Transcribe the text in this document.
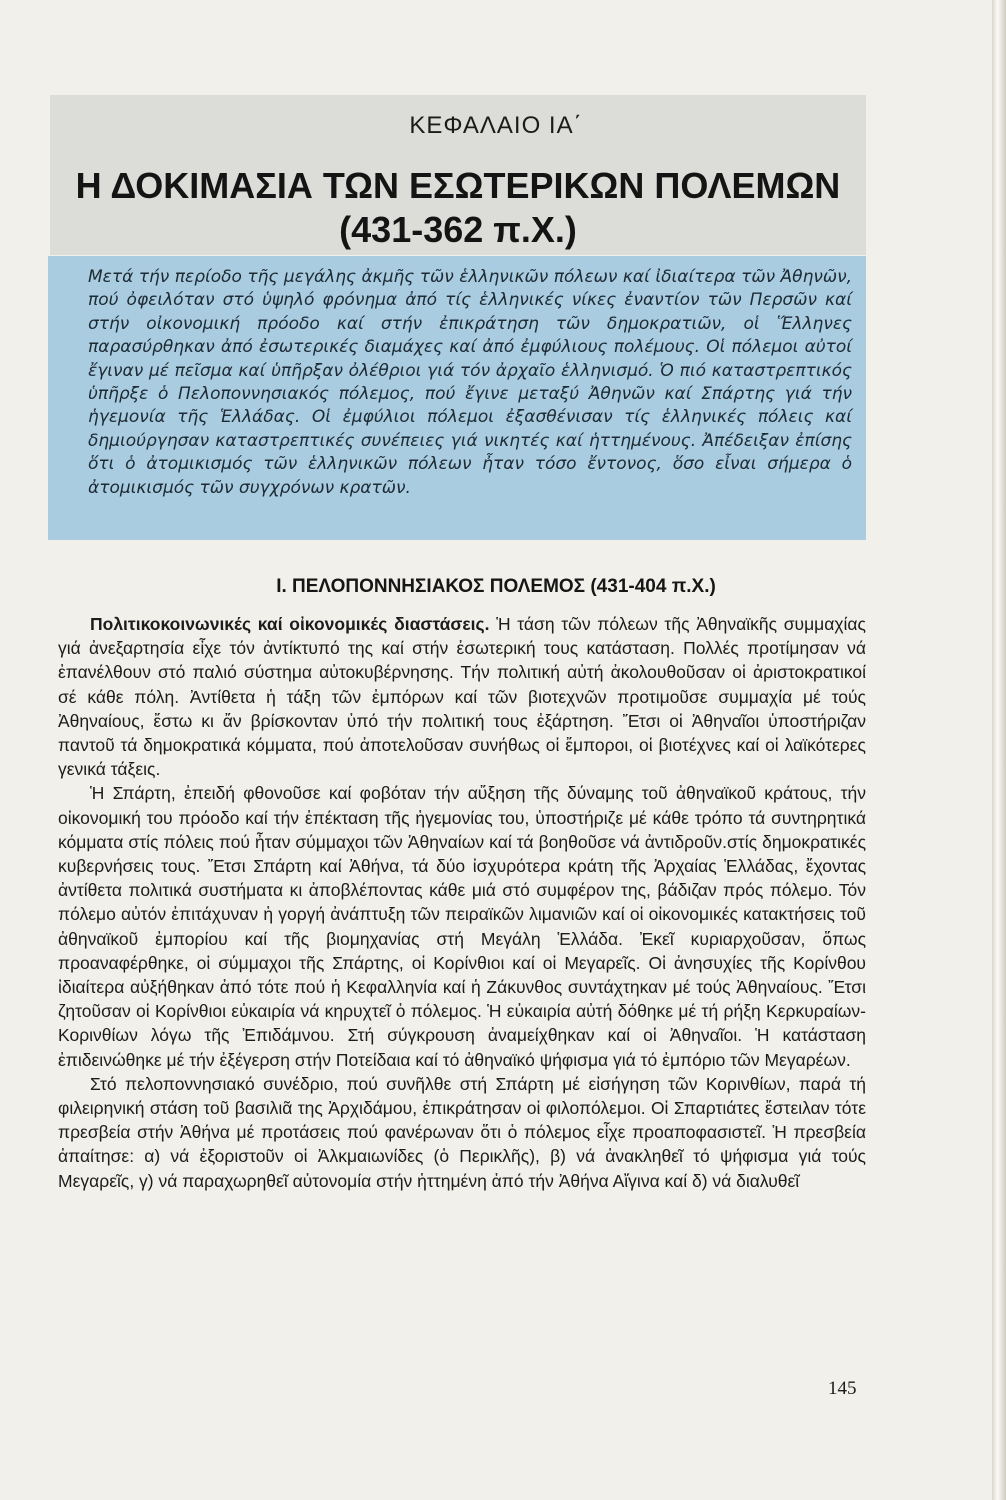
ΚΕΦΑΛΑΙΟ ΙΑ΄
Η ΔΟΚΙΜΑΣΙΑ ΤΩΝ ΕΣΩΤΕΡΙΚΩΝ ΠΟΛΕΜΩΝ
(431-362 π.Χ.)

Μετά τήν περίοδο τῆς μεγάλης ἀκμῆς τῶν ἑλληνικῶν πόλεων καί ἰδιαίτερα τῶν Ἀθηνῶν, πού ὀφειλόταν στό ὑψηλό φρόνημα ἀπό τίς ἑλληνικές νίκες ἐναντίον τῶν Περσῶν καί στήν οἰκονομική πρόοδο καί στήν ἐπικράτηση τῶν δημοκρατιῶν, οἱ Ἕλληνες παρασύρθηκαν ἀπό ἐσωτερικές διαμάχες καί ἀπό ἐμφύλιους πολέμους. Οἱ πόλεμοι αὐτοί ἔγιναν μέ πεῖσμα καί ὑπῆρξαν ὀλέθριοι γιά τόν ἀρχαῖο ἑλληνισμό. Ὁ πιό καταστρεπτικός ὑπῆρξε ὁ Πελοποννησιακός πόλεμος, πού ἔγινε μεταξύ Ἀθηνῶν καί Σπάρτης γιά τήν ἡγεμονία τῆς Ἑλλάδας. Οἱ ἐμφύλιοι πόλεμοι ἐξασθένισαν τίς ἑλληνικές πόλεις καί δημιούργησαν καταστρεπτικές συνέπειες γιά νικητές καί ἡττημένους. Ἀπέδειξαν ἐπίσης ὅτι ὁ ἀτομικισμός τῶν ἑλληνικῶν πόλεων ἦταν τόσο ἔντονος, ὅσο εἶναι σήμερα ὁ ἀτομικισμός τῶν συγχρόνων κρατῶν.

Ι. ΠΕΛΟΠΟΝΝΗΣΙΑΚΟΣ ΠΟΛΕΜΟΣ (431-404 π.Χ.)

Πολιτικοκοινωνικές καί οἰκονομικές διαστάσεις. Ἡ τάση τῶν πόλεων τῆς Ἀθηναϊκῆς συμμαχίας γιά ἀνεξαρτησία εἶχε τόν ἀντίκτυπό της καί στήν ἐσωτερική τους κατάσταση. Πολλές προτίμησαν νά ἐπανέλθουν στό παλιό σύστημα αὐτοκυβέρνησης. Τήν πολιτική αὐτή ἀκολουθοῦσαν οἱ ἀριστοκρατικοί σέ κάθε πόλη. Ἀντίθετα ἡ τάξη τῶν ἐμπόρων καί τῶν βιοτεχνῶν προτιμοῦσε συμμαχία μέ τούς Ἀθηναίους, ἔστω κι ἄν βρίσκονταν ὑπό τήν πολιτική τους ἐξάρτηση. Ἔτσι οἱ Ἀθηναῖοι ὑποστήριζαν παντοῦ τά δημοκρατικά κόμματα, πού ἀποτελοῦσαν συνήθως οἱ ἔμποροι, οἱ βιοτέχνες καί οἱ λαϊκότερες γενικά τάξεις.

Ἡ Σπάρτη, ἐπειδή φθονοῦσε καί φοβόταν τήν αὔξηση τῆς δύναμης τοῦ ἀθηναϊκοῦ κράτους, τήν οἰκονομική του πρόοδο καί τήν ἐπέκταση τῆς ἡγεμονίας του, ὑποστήριζε μέ κάθε τρόπο τά συντηρητικά κόμματα στίς πόλεις πού ἦταν σύμμαχοι τῶν Ἀθηναίων καί τά βοηθοῦσε νά ἀντιδροῦν.στίς δημοκρατικές κυβερνήσεις τους. Ἔτσι Σπάρτη καί Ἀθήνα, τά δύο ἰσχυρότερα κράτη τῆς Ἀρχαίας Ἑλλάδας, ἔχοντας ἀντίθετα πολιτικά συστήματα κι ἀποβλέποντας κάθε μιά στό συμφέρον της, βάδιζαν πρός πόλεμο. Τόν πόλεμο αὐτόν ἐπιτάχυναν ἡ γοργή ἀνάπτυξη τῶν πειραϊκῶν λιμανιῶν καί οἱ οἰκονομικές κατακτήσεις τοῦ ἀθηναϊκοῦ ἐμπορίου καί τῆς βιομηχανίας στή Μεγάλη Ἑλλάδα. Ἐκεῖ κυριαρχοῦσαν, ὅπως προαναφέρθηκε, οἱ σύμμαχοι τῆς Σπάρτης, οἱ Κορίνθιοι καί οἱ Μεγαρεῖς. Οἱ ἀνησυχίες τῆς Κορίνθου ἰδιαίτερα αὐξήθηκαν ἀπό τότε πού ἡ Κεφαλληνία καί ἡ Ζάκυνθος συντάχτηκαν μέ τούς Ἀθηναίους. Ἔτσι ζητοῦσαν οἱ Κορίνθιοι εὐκαιρία νά κηρυχτεῖ ὁ πόλεμος. Ἡ εὐκαιρία αὐτή δόθηκε μέ τή ρήξη Κερκυραίων-Κορινθίων λόγω τῆς Ἐπιδάμνου. Στή σύγκρουση ἀναμείχθηκαν καί οἱ Ἀθηναῖοι. Ἡ κατάσταση ἐπιδεινώθηκε μέ τήν ἐξέγερση στήν Ποτείδαια καί τό ἀθηναϊκό ψήφισμα γιά τό ἐμπόριο τῶν Μεγαρέων.

Στό πελοποννησιακό συνέδριο, πού συνῆλθε στή Σπάρτη μέ εἰσήγηση τῶν Κορινθίων, παρά τή φιλειρηνική στάση τοῦ βασιλιᾶ της Ἀρχιδάμου, ἐπικράτησαν οἱ φιλοπόλεμοι. Οἱ Σπαρτιάτες ἔστειλαν τότε πρεσβεία στήν Ἀθήνα μέ προτάσεις πού φανέρωναν ὅτι ὁ πόλεμος εἶχε προαποφασιστεῖ. Ἡ πρεσβεία ἀπαίτησε: α) νά ἐξοριστοῦν οἱ Ἀλκμαιωνίδες (ὁ Περικλῆς), β) νά ἀνακληθεῖ τό ψήφισμα γιά τούς Μεγαρεῖς, γ) νά παραχωρηθεῖ αὐτονομία στήν ἡττημένη ἀπό τήν Ἀθήνα Αἴγινα καί δ) νά διαλυθεῖ

145
